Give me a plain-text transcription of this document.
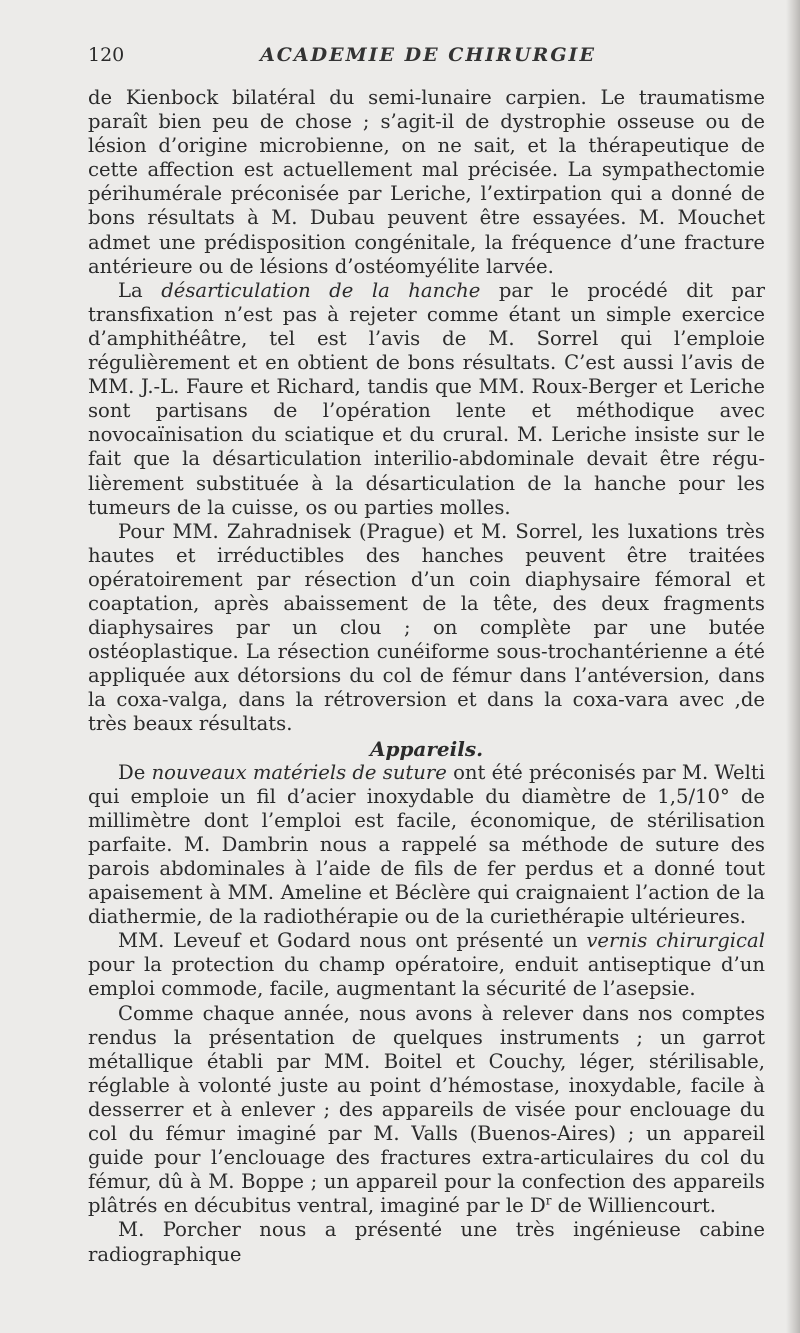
120	ACADEMIE DE CHIRURGIE

de Kienbock bilatéral du semi-lunaire carpien. Le traumatisme paraît bien peu de chose ; s’agit-il de dystrophie osseuse ou de lésion d’origine microbienne, on ne sait, et la thérapeutique de cette affection est actuellement mal précisée. La sympathectomie périhumérale préconisée par Leriche, l’extirpation qui a donné de bons résultats à M. Dubau peuvent être essayées. M. Mouchet admet une prédisposition congénitale, la fréquence d’une fracture antérieure ou de lésions d’ostéomyélite larvée.

La désarticulation de la hanche par le procédé dit par transfixation n’est pas à rejeter comme étant un simple exercice d’amphithéâtre, tel est l’avis de M. Sorrel qui l’emploie régulièrement et en obtient de bons résultats. C’est aussi l’avis de MM. J.-L. Faure et Richard, tandis que MM. Roux-Berger et Leriche sont partisans de l’opération lente et méthodique avec novocaïnisation du sciatique et du crural. M. Leriche insiste sur le fait que la désarticulation interilio-abdominale devait être régulièrement substituée à la désarticulation de la hanche pour les tumeurs de la cuisse, os ou parties molles.

Pour MM. Zahradnisek (Prague) et M. Sorrel, les luxations très hautes et irréductibles des hanches peuvent être traitées opératoirement par résection d’un coin diaphysaire fémoral et coaptation, après abaissement de la tête, des deux fragments diaphysaires par un clou ; on complète par une butée ostéoplastique. La résection cunéiforme sous-trochantérienne a été appliquée aux détorsions du col de fémur dans l’antéversion, dans la coxa-valga, dans la rétroversion et dans la coxa-vara avec ,de très beaux résultats.

Appareils.

De nouveaux matériels de suture ont été préconisés par M. Welti qui emploie un fil d’acier inoxydable du diamètre de 1,5/10° de millimètre dont l’emploi est facile, économique, de stérilisation parfaite. M. Dambrin nous a rappelé sa méthode de suture des parois abdominales à l’aide de fils de fer perdus et a donné tout apaisement à MM. Ameline et Béclère qui craignaient l’action de la diathermie, de la radiothérapie ou de la curiethérapie ultérieures.

MM. Leveuf et Godard nous ont présenté un vernis chirurgical pour la protection du champ opératoire, enduit antiseptique d’un emploi commode, facile, augmentant la sécurité de l’asepsie.

Comme chaque année, nous avons à relever dans nos comptes rendus la présentation de quelques instruments ; un garrot métallique établi par MM. Boitel et Couchy, léger, stérilisable, réglable à volonté juste au point d’hémostase, inoxydable, facile à desserrer et à enlever ; des appareils de visée pour enclouage du col du fémur imaginé par M. Valls (Buenos-Aires) ; un appareil guide pour l’enclouage des fractures extra-articulaires du col du fémur, dû à M. Boppe ; un appareil pour la confection des appareils plâtrés en décubitus ventral, imaginé par le $D^r$ de Williencourt.

M. Porcher nous a présenté une très ingénieuse cabine radiographique
